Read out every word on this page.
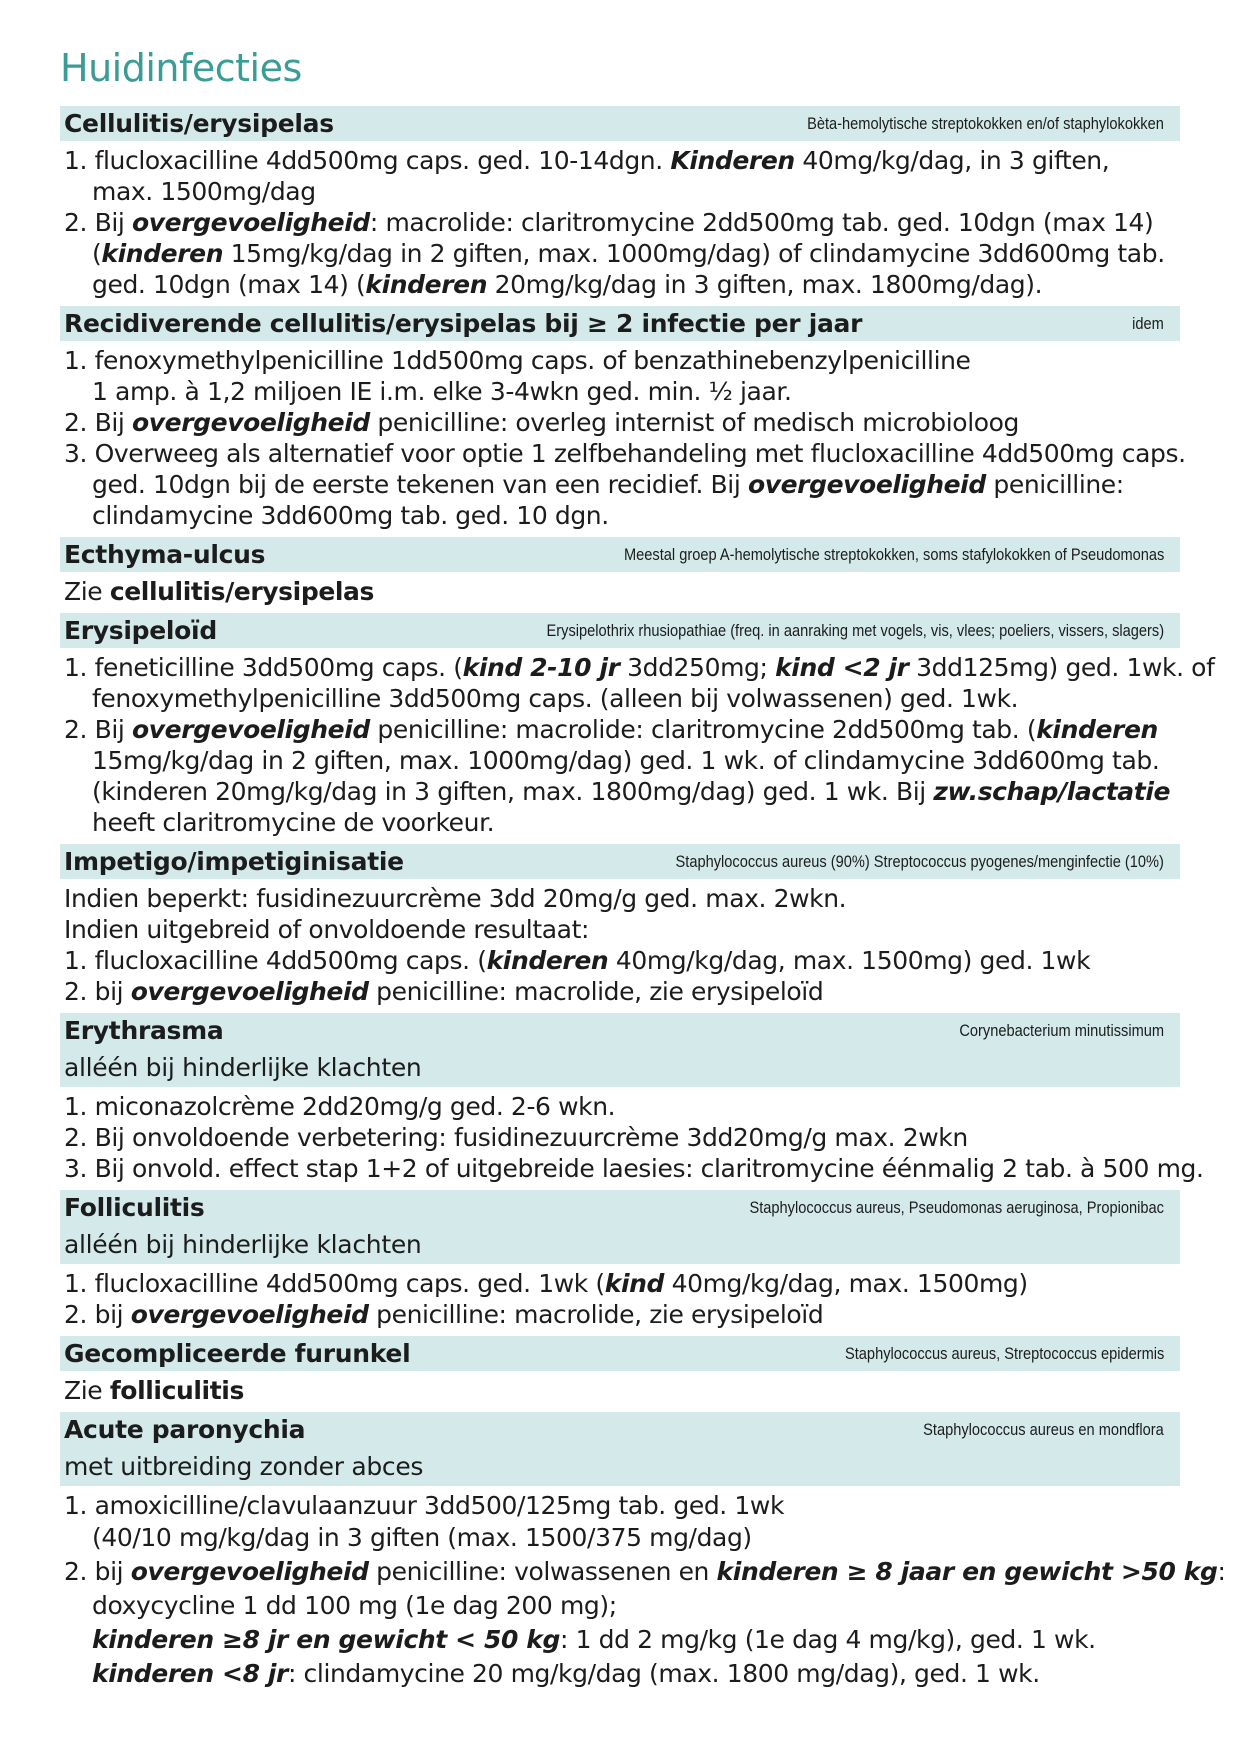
Huidinfecties
Cellulitis/erysipelas	Bèta-hemolytische streptokokken en/of staphylokokken
1. flucloxacilline 4dd500mg caps. ged. 10-14dgn. Kinderen 40mg/kg/dag, in 3 giften,
max. 1500mg/dag
2. Bij overgevoeligheid: macrolide: claritromycine 2dd500mg tab. ged. 10dgn (max 14)
(kinderen 15mg/kg/dag in 2 giften, max. 1000mg/dag) of clindamycine 3dd600mg tab.
ged. 10dgn (max 14) (kinderen 20mg/kg/dag in 3 giften, max. 1800mg/dag).
Recidiverende cellulitis/erysipelas bij ≥ 2 infectie per jaar	idem
1. fenoxymethylpenicilline 1dd500mg caps. of benzathinebenzylpenicilline
1 amp. à 1,2 miljoen IE i.m. elke 3-4wkn ged. min. ½ jaar.
2. Bij overgevoeligheid penicilline: overleg internist of medisch microbioloog
3. Overweeg als alternatief voor optie 1 zelfbehandeling met flucloxacilline 4dd500mg caps.
ged. 10dgn bij de eerste tekenen van een recidief. Bij overgevoeligheid penicilline:
clindamycine 3dd600mg tab. ged. 10 dgn.
Ecthyma-ulcus	Meestal groep A-hemolytische streptokokken, soms stafylokokken of Pseudomonas
Zie cellulitis/erysipelas
Erysipeloïd	Erysipelothrix rhusiopathiae (freq. in aanraking met vogels, vis, vlees; poeliers, vissers, slagers)
1. feneticilline 3dd500mg caps. (kind 2-10 jr 3dd250mg; kind <2 jr 3dd125mg) ged. 1wk. of
fenoxymethylpenicilline 3dd500mg caps. (alleen bij volwassenen) ged. 1wk.
2. Bij overgevoeligheid penicilline: macrolide: claritromycine 2dd500mg tab. (kinderen
15mg/kg/dag in 2 giften, max. 1000mg/dag) ged. 1 wk. of clindamycine 3dd600mg tab.
(kinderen 20mg/kg/dag in 3 giften, max. 1800mg/dag) ged. 1 wk. Bij zw.schap/lactatie
heeft claritromycine de voorkeur.
Impetigo/impetiginisatie	Staphylococcus aureus (90%) Streptococcus pyogenes/menginfectie (10%)
Indien beperkt: fusidinezuurcrème 3dd 20mg/g ged. max. 2wkn.
Indien uitgebreid of onvoldoende resultaat:
1. flucloxacilline 4dd500mg caps. (kinderen 40mg/kg/dag, max. 1500mg) ged. 1wk
2. bij overgevoeligheid penicilline: macrolide, zie erysipeloïd
Erythrasma	Corynebacterium minutissimum
alléén bij hinderlijke klachten
1. miconazolcrème 2dd20mg/g ged. 2-6 wkn.
2. Bij onvoldoende verbetering: fusidinezuurcrème 3dd20mg/g max. 2wkn
3. Bij onvold. effect stap 1+2 of uitgebreide laesies: claritromycine éénmalig 2 tab. à 500 mg.
Folliculitis	Staphylococcus aureus, Pseudomonas aeruginosa, Propionibac
alléén bij hinderlijke klachten
1. flucloxacilline 4dd500mg caps. ged. 1wk (kind 40mg/kg/dag, max. 1500mg)
2. bij overgevoeligheid penicilline: macrolide, zie erysipeloïd
Gecompliceerde furunkel	Staphylococcus aureus, Streptococcus epidermis
Zie folliculitis
Acute paronychia	Staphylococcus aureus en mondflora
met uitbreiding zonder abces
1. amoxicilline/clavulaanzuur 3dd500/125mg tab. ged. 1wk
(40/10 mg/kg/dag in 3 giften (max. 1500/375 mg/dag)
2. bij overgevoeligheid penicilline: volwassenen en kinderen ≥ 8 jaar en gewicht >50 kg:
doxycycline 1 dd 100 mg (1e dag 200 mg);
kinderen ≥8 jr en gewicht < 50 kg: 1 dd 2 mg/kg (1e dag 4 mg/kg), ged. 1 wk.
kinderen <8 jr: clindamycine 20 mg/kg/dag (max. 1800 mg/dag), ged. 1 wk.
